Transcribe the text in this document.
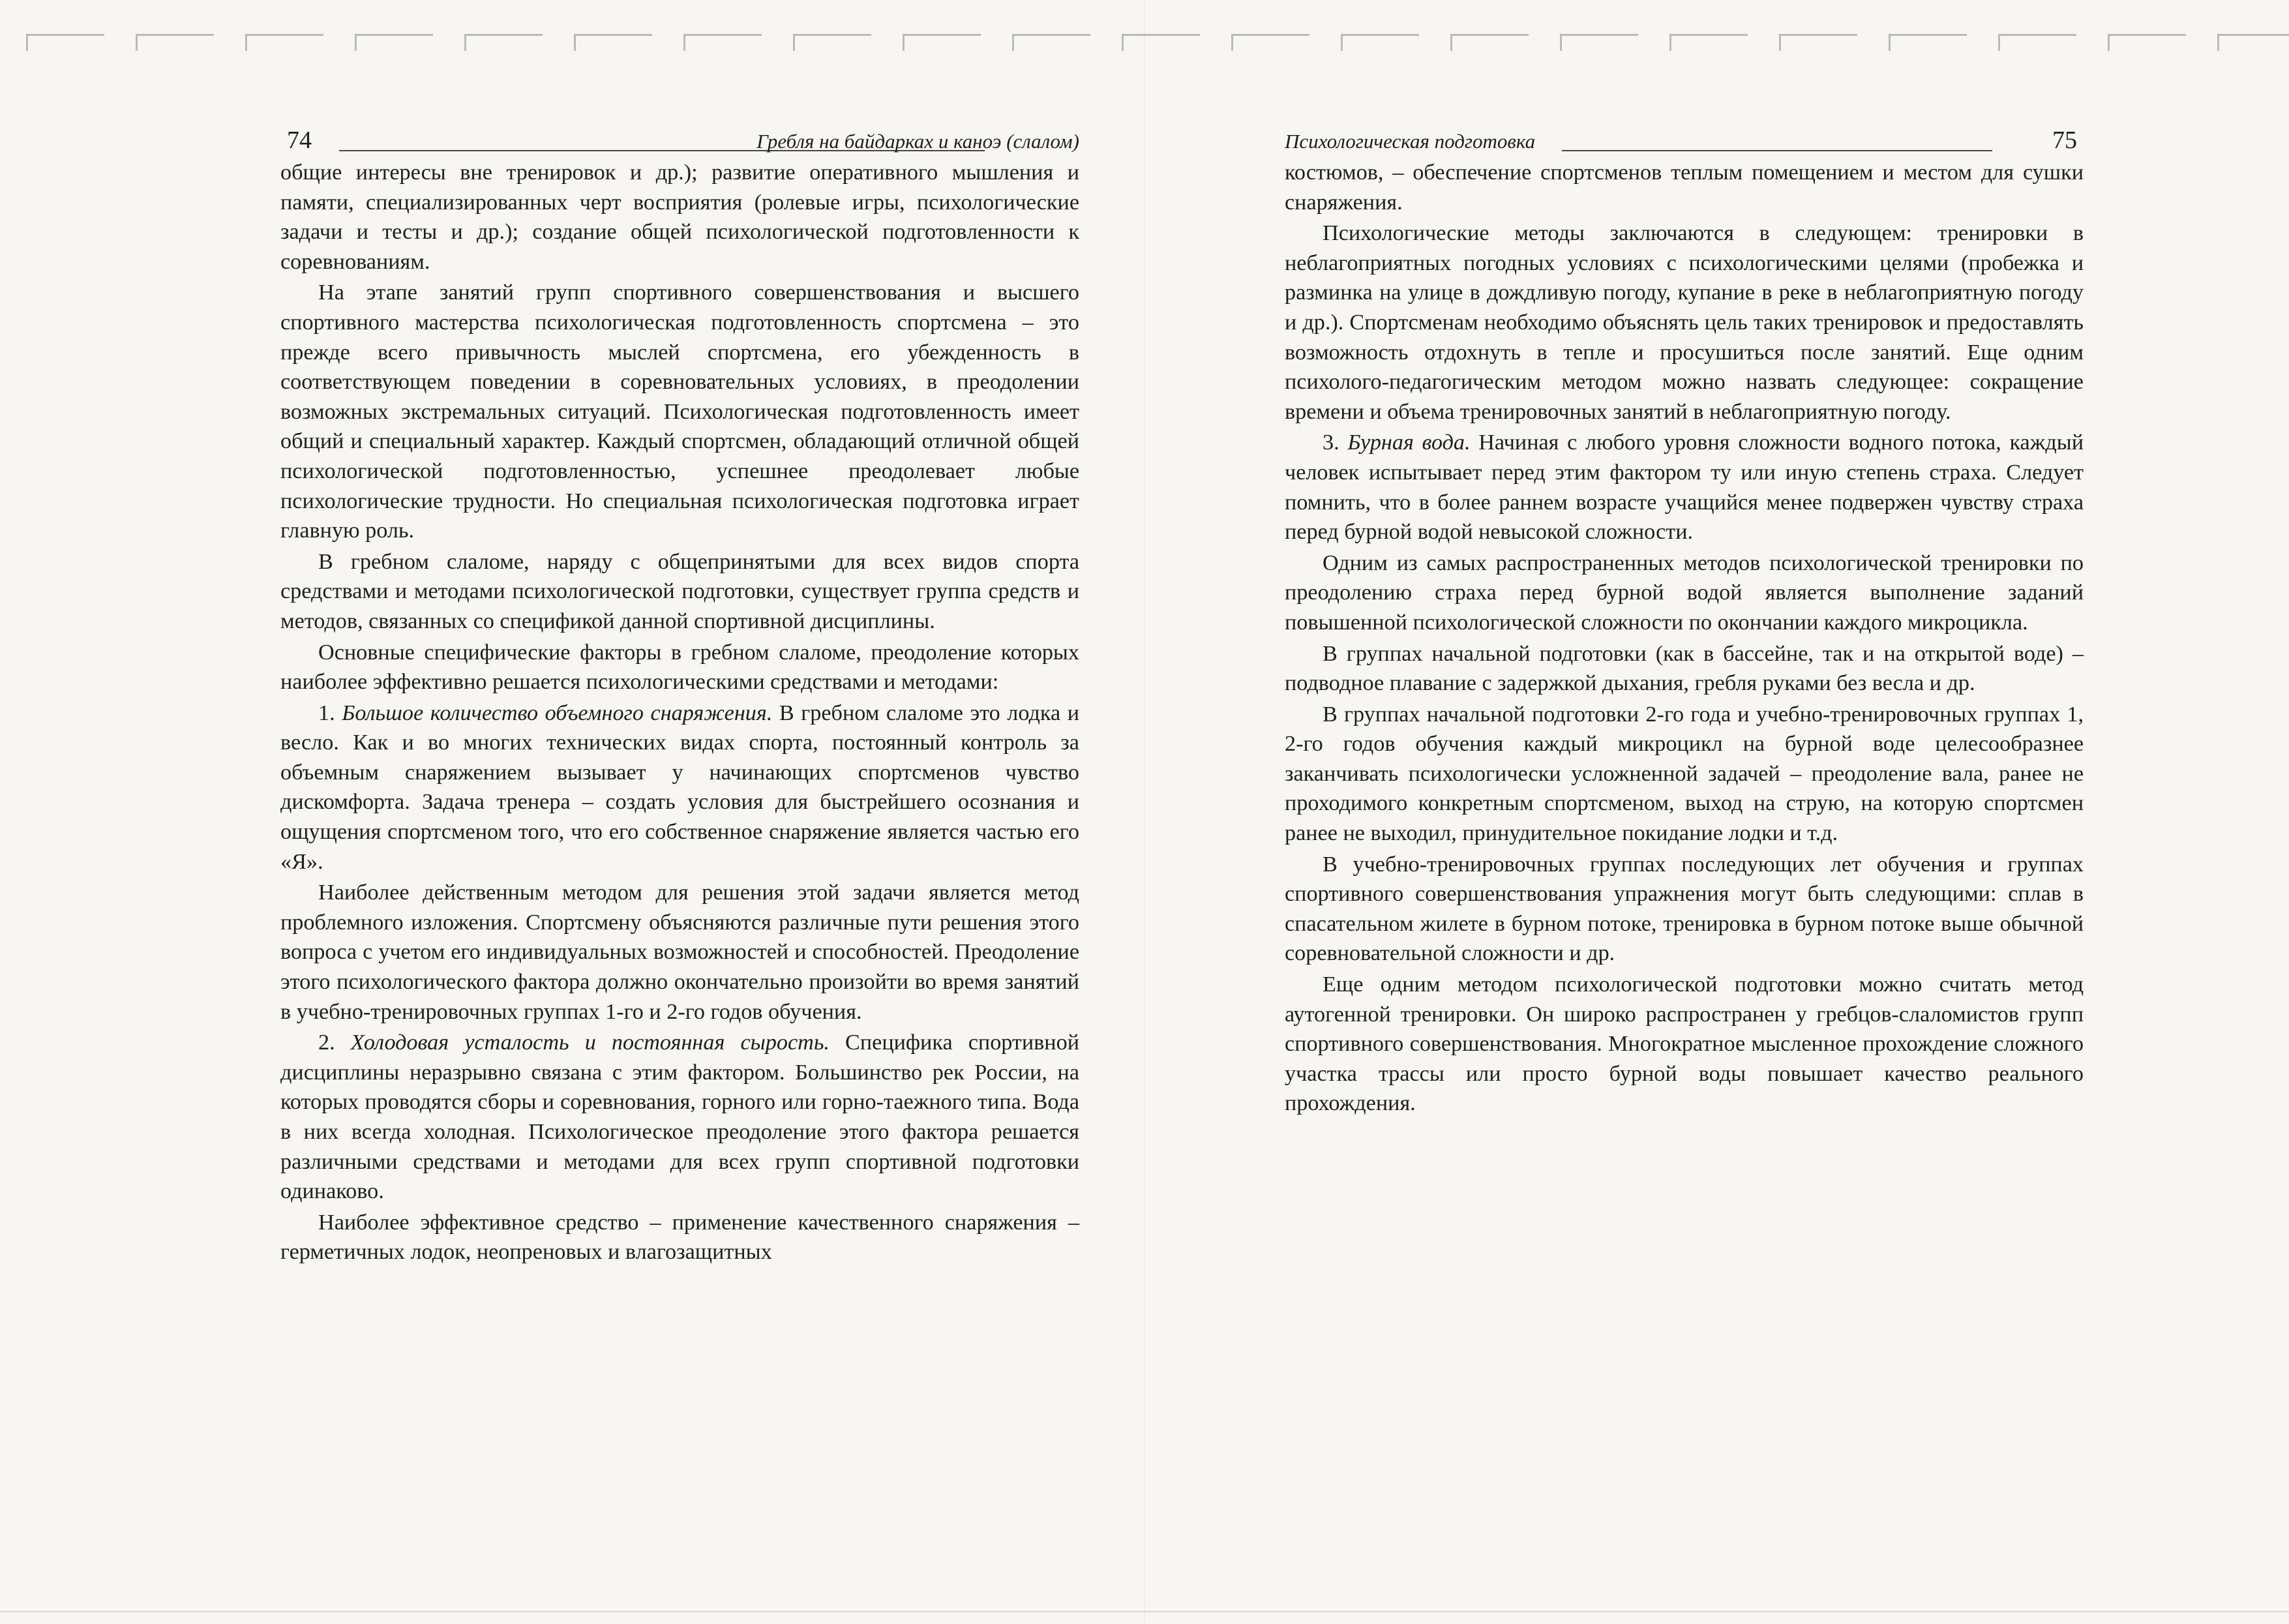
74	Гребля на байдарках и каноэ (слалом)

общие интересы вне тренировок и др.); развитие оперативного мышления и памяти, специализированных черт восприятия (ролевые игры, психологические задачи и тесты и др.); создание общей психологической подготовленности к соревнованиям.

На этапе занятий групп спортивного совершенствования и высшего спортивного мастерства психологическая подготовленность спортсмена – это прежде всего привычность мыслей спортсмена, его убежденность в соответствующем поведении в соревновательных условиях, в преодолении возможных экстремальных ситуаций. Психологическая подготовленность имеет общий и специальный характер. Каждый спортсмен, обладающий отличной общей психологической подготовленностью, успешнее преодолевает любые психологические трудности. Но специальная психологическая подготовка играет главную роль.

В гребном слаломе, наряду с общепринятыми для всех видов спорта средствами и методами психологической подготовки, существует группа средств и методов, связанных со спецификой данной спортивной дисциплины.

Основные специфические факторы в гребном слаломе, преодоление которых наиболее эффективно решается психологическими средствами и методами:

1. Большое количество объемного снаряжения. В гребном слаломе это лодка и весло. Как и во многих технических видах спорта, постоянный контроль за объемным снаряжением вызывает у начинающих спортсменов чувство дискомфорта. Задача тренера – создать условия для быстрейшего осознания и ощущения спортсменом того, что его собственное снаряжение является частью его «Я».

Наиболее действенным методом для решения этой задачи является метод проблемного изложения. Спортсмену объясняются различные пути решения этого вопроса с учетом его индивидуальных возможностей и способностей. Преодоление этого психологического фактора должно окончательно произойти во время занятий в учебно-тренировочных группах 1-го и 2-го годов обучения.

2. Холодовая усталость и постоянная сырость. Специфика спортивной дисциплины неразрывно связана с этим фактором. Большинство рек России, на которых проводятся сборы и соревнования, горного или горно-таежного типа. Вода в них всегда холодная. Психологическое преодоление этого фактора решается различными средствами и методами для всех групп спортивной подготовки одинаково.

Наиболее эффективное средство – применение качественного снаряжения – герметичных лодок, неопреновых и влагозащитных

Психологическая подготовка	75

костюмов, – обеспечение спортсменов теплым помещением и местом для сушки снаряжения.

Психологические методы заключаются в следующем: тренировки в неблагоприятных погодных условиях с психологическими целями (пробежка и разминка на улице в дождливую погоду, купание в реке в неблагоприятную погоду и др.). Спортсменам необходимо объяснять цель таких тренировок и предоставлять возможность отдохнуть в тепле и просушиться после занятий. Еще одним психолого-педагогическим методом можно назвать следующее: сокращение времени и объема тренировочных занятий в неблагоприятную погоду.

3. Бурная вода. Начиная с любого уровня сложности водного потока, каждый человек испытывает перед этим фактором ту или иную степень страха. Следует помнить, что в более раннем возрасте учащийся менее подвержен чувству страха перед бурной водой невысокой сложности.

Одним из самых распространенных методов психологической тренировки по преодолению страха перед бурной водой является выполнение заданий повышенной психологической сложности по окончании каждого микроцикла.

В группах начальной подготовки (как в бассейне, так и на открытой воде) – подводное плавание с задержкой дыхания, гребля руками без весла и др.

В группах начальной подготовки 2-го года и учебно-тренировочных группах 1, 2-го годов обучения каждый микроцикл на бурной воде целесообразнее заканчивать психологически усложненной задачей – преодоление вала, ранее не проходимого конкретным спортсменом, выход на струю, на которую спортсмен ранее не выходил, принудительное покидание лодки и т.д.

В учебно-тренировочных группах последующих лет обучения и группах спортивного совершенствования упражнения могут быть следующими: сплав в спасательном жилете в бурном потоке, тренировка в бурном потоке выше обычной соревновательной сложности и др.

Еще одним методом психологической подготовки можно считать метод аутогенной тренировки. Он широко распространен у гребцов-слаломистов групп спортивного совершенствования. Многократное мысленное прохождение сложного участка трассы или просто бурной воды повышает качество реального прохождения.
